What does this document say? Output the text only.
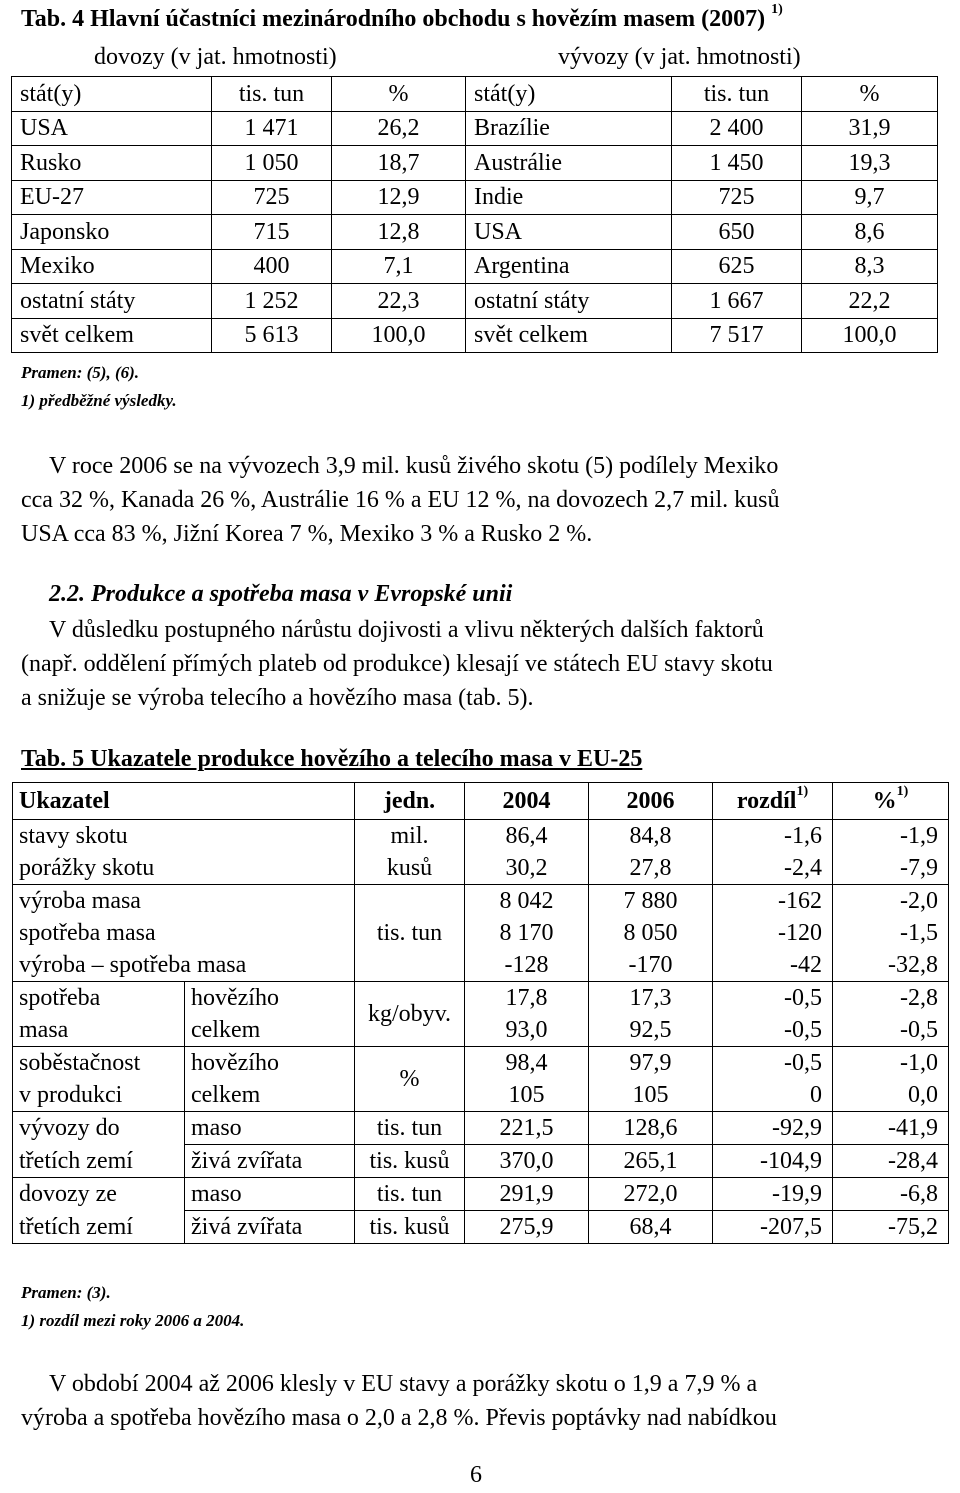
Tab. 4 Hlavní účastníci mezinárodního obchodu s hovězím masem (2007) $^{1)}$
dovozy (v jat. hmotnosti)	vývozy (v jat. hmotnosti)
stát(y)	tis. tun	%	stát(y)	tis. tun	%
USA	1 471	26,2	Brazílie	2 400	31,9
Rusko	1 050	18,7	Austrálie	1 450	19,3
EU-27	725	12,9	Indie	725	9,7
Japonsko	715	12,8	USA	650	8,6
Mexiko	400	7,1	Argentina	625	8,3
ostatní státy	1 252	22,3	ostatní státy	1 667	22,2
svět celkem	5 613	100,0	svět celkem	7 517	100,0
Pramen: (5), (6).
1) předběžné výsledky.
V roce 2006 se na vývozech 3,9 mil. kusů živého skotu (5) podílely Mexiko
cca 32 %, Kanada 26 %, Austrálie 16 % a EU 12 %, na dovozech 2,7 mil. kusů
USA cca 83 %, Jižní Korea 7 %, Mexiko 3 % a Rusko 2 %.
2.2. Produkce a spotřeba masa v Evropské unii
V důsledku postupného nárůstu dojivosti a vlivu některých dalších faktorů
(např. oddělení přímých plateb od produkce) klesají ve státech EU stavy skotu
a snižuje se výroba telecího a hovězího masa (tab. 5).
Tab. 5 Ukazatele produkce hovězího a telecího masa v EU-25
Ukazatel		jedn.	2004	2006	rozdíl$^{1)}$	%$^{1)}$
stavy skotu		mil.	86,4	84,8	-1,6	-1,9
porážky skotu		kusů	30,2	27,8	-2,4	-7,9
výroba masa		tis. tun	8 042	7 880	-162	-2,0
spotřeba masa			8 170	8 050	-120	-1,5
výroba – spotřeba masa			-128	-170	-42	-32,8
spotřeba	hovězího	kg/obyv.	17,8	17,3	-0,5	-2,8
masa	celkem		93,0	92,5	-0,5	-0,5
soběstačnost	hovězího	%	98,4	97,9	-0,5	-1,0
v produkci	celkem		105	105	0	0,0
vývozy do	maso	tis. tun	221,5	128,6	-92,9	-41,9
třetích zemí	živá zvířata	tis. kusů	370,0	265,1	-104,9	-28,4
dovozy ze	maso	tis. tun	291,9	272,0	-19,9	-6,8
třetích zemí	živá zvířata	tis. kusů	275,9	68,4	-207,5	-75,2
Pramen: (3).
1) rozdíl mezi roky 2006 a 2004.
V období 2004 až 2006 klesly v EU stavy a porážky skotu o 1,9 a 7,9 % a
výroba a spotřeba hovězího masa o 2,0 a 2,8 %. Převis poptávky nad nabídkou
6
